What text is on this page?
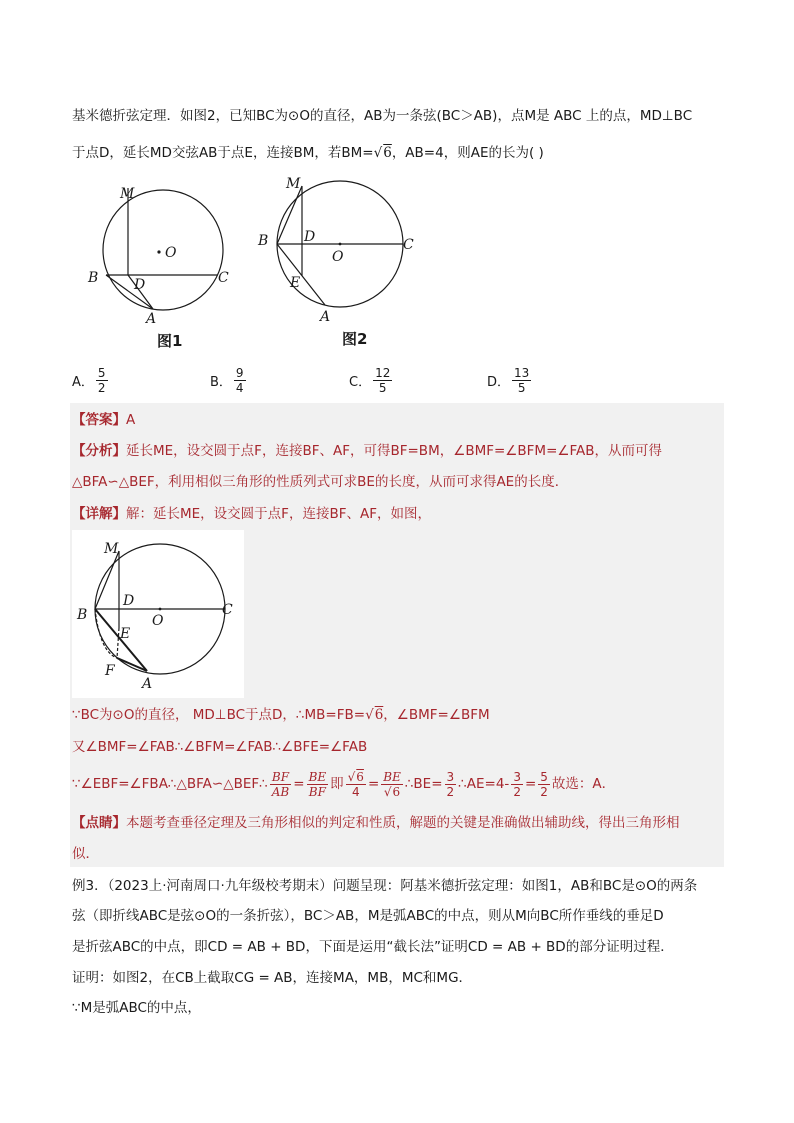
基米德折弦定理．如图2，已知BC为⊙O的直径，AB为一条弦(BC＞AB)，点M是 ABC 上的点，MD⊥BC
于点D，延长MD交弦AB于点E，连接BM，若BM=√6，AB=4，则AE的长为( )
M
O
B	C
D
A
图1
M
B	D
O
C
E
A
图2
A． $\frac{5}{2}$	B． $\frac{9}{4}$	C． $\frac{12}{5}$	D． $\frac{13}{5}$
【答案】A
【分析】延长ME，设交圆于点F，连接BF、AF，可得BF=BM，∠BMF=∠BFM=∠FAB，从而可得
△BFA∽△BEF，利用相似三角形的性质列式可求BE的长度，从而可求得AE的长度．
【详解】解：延长ME，设交圆于点F，连接BF、AF，如图，
M
B
D
O
C
E
F
A
∵BC为⊙O的直径， MD⊥BC于点D，∴MB=FB=√6，∠BMF=∠BFM
又∠BMF=∠FAB∴∠BFM=∠FAB∴∠BFE=∠FAB
∵∠EBF=∠FBA∴△BFA∽△BEF∴ $\frac{BF}{AB} = \frac{BE}{BF}$ 即 $\frac{√6}{4} = \frac{BE}{√6}$ ∴BE= $\frac{3}{2}$ ∴AE=4- $\frac{3}{2} = \frac{5}{2}$ 故选：A．
【点睛】本题考查垂径定理及三角形相似的判定和性质，解题的关键是准确做出辅助线，得出三角形相
似．
例3．（2023上·河南周口·九年级校考期末）问题呈现：阿基米德折弦定理：如图1，AB和BC是⊙O的两条
弦（即折线ABC是弦⊙O的一条折弦），BC＞AB，M是弧ABC的中点，则从M向BC所作垂线的垂足D
是折弦ABC的中点，即CD = AB + BD，下面是运用“截长法”证明CD = AB + BD的部分证明过程．
证明：如图2，在CB上截取CG = AB，连接MA，MB，MC和MG．
∵M是弧ABC的中点，
